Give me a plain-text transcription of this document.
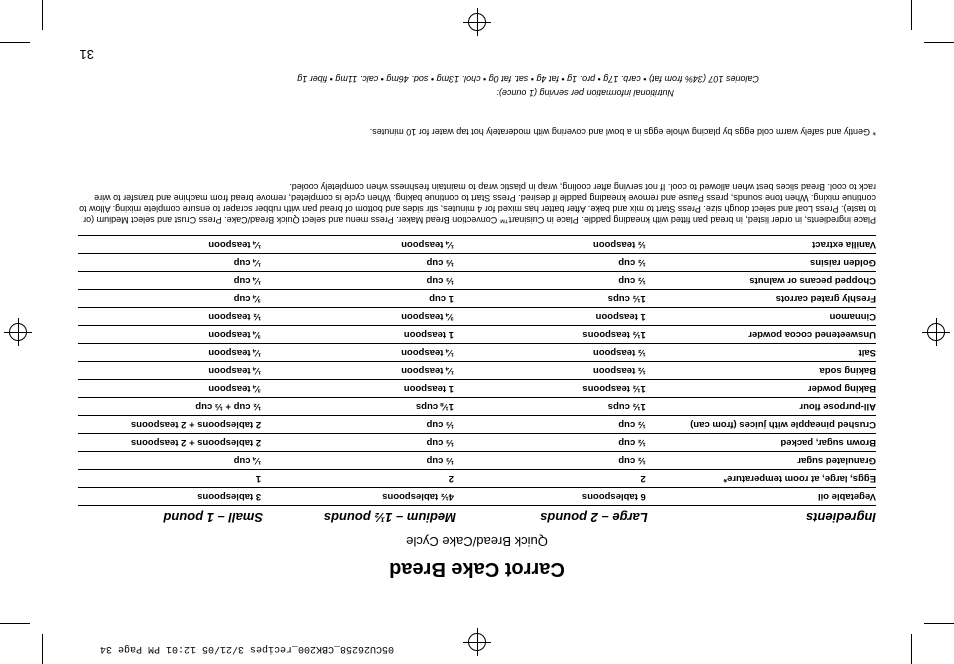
05CU26258_CBK200_recipes 3/21/05 12:01 PM Page 34
Carrot Cake Bread
Quick Bread/Cake Cycle
Ingredients	Large – 2 pounds	Medium – 1½ pounds	Small – 1 pound
Vegetable oil	6 tablespoons	4½ tablespoons	3 tablespoons
Eggs, large, at room temperature*	2	2	1
Granulated sugar	½ cup	⅓ cup	¼ cup
Brown sugar, packed	½ cup	⅓ cup	2 tablespoons + 2 teaspoons
Crushed pineapple with juices (from can)	½ cup	⅓ cup	2 tablespoons + 2 teaspoons
All-purpose flour	1½ cups	1⅛ cups	½ cup + ⅓ cup
Baking powder	1½ teaspoons	1 teaspoon	¾ teaspoon
Baking soda	½ teaspoon	¼ teaspoon	¼ teaspoon
Salt	½ teaspoon	¼ teaspoon	¼ teaspoon
Unsweetened cocoa powder	1½ teaspoons	1 teaspoon	¾ teaspoon
Cinnamon	1 teaspoon	¾ teaspoon	½ teaspoon
Freshly grated carrots	1½ cups	1 cup	¾ cup
Chopped pecans or walnuts	½ cup	⅓ cup	¼ cup
Golden raisins	½ cup	⅓ cup	¼ cup
Vanilla extract	½ teaspoon	¼ teaspoon	¼ teaspoon

Place ingredients, in order listed, in bread pan fitted with kneading paddle. Place in Cuisinart™ Convection Bread Maker. Press menu and select Quick Bread/Cake. Press Crust and select Medium (or to taste). Press Loaf and select dough size. Press Start to mix and bake. After batter has mixed for 4 minutes, stir sides and bottom of bread pan with rubber scraper to ensure complete mixing. Allow to continue mixing. When tone sounds, press Pause and remove kneading paddle if desired. Press Start to continue baking. When cycle is completed, remove bread from machine and transfer to wire rack to cool. Bread slices best when allowed to cool. If not serving after cooling, wrap in plastic wrap to maintain freshness when completely cooled.

* Gently and safely warm cold eggs by placing whole eggs in a bowl and covering with moderately hot tap water for 10 minutes.

Nutritional information per serving (1 ounce):
Calories 107 (34% from fat) • carb. 17g • pro. 1g • fat 4g • sat. fat 0g • chol. 13mg • sod. 46mg • calc. 11mg • fiber 1g
31
